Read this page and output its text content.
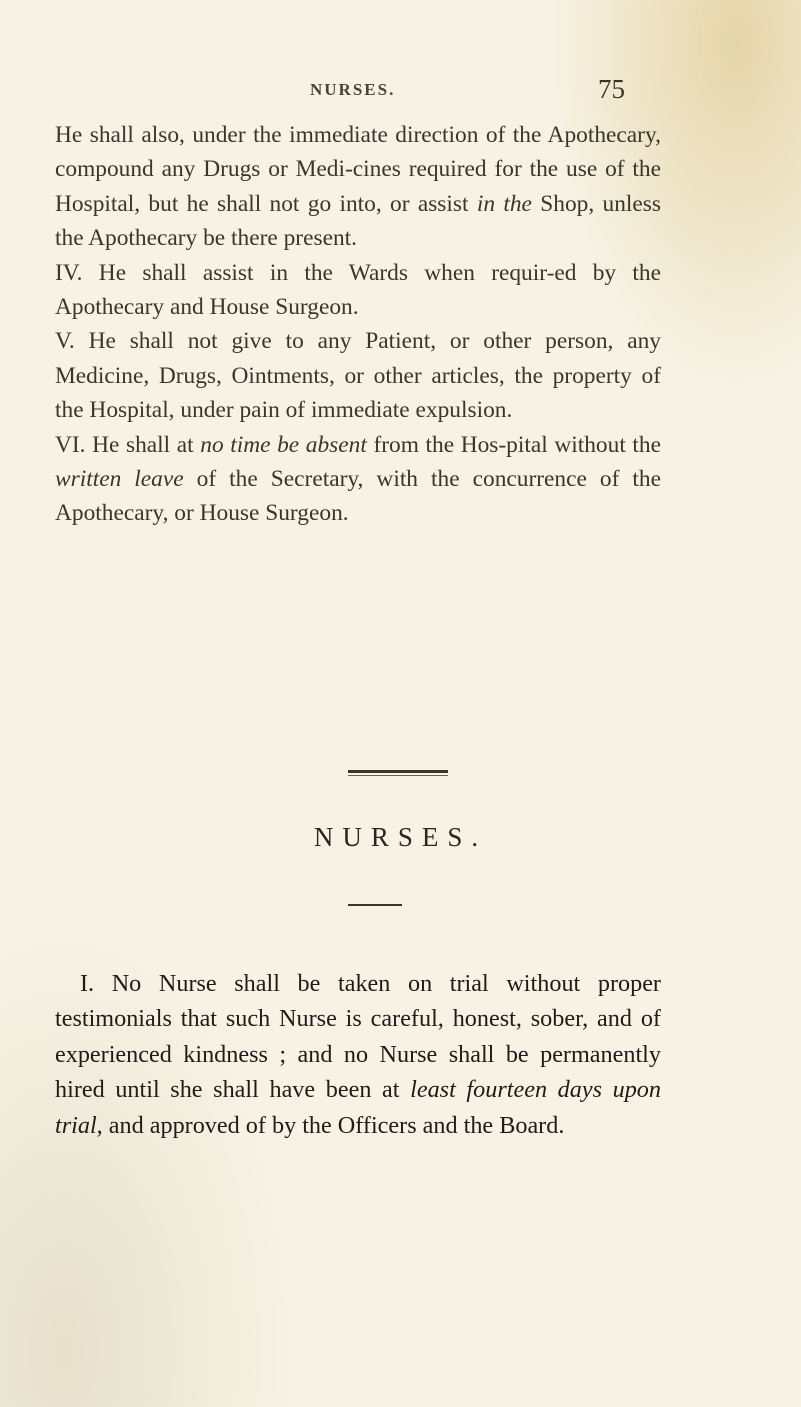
NURSES.	75

He shall also, under the immediate direction of the Apothecary, compound any Drugs or Medi-cines required for the use of the Hospital, but he shall not go into, or assist in the Shop, unless the Apothecary be there present.

IV. He shall assist in the Wards when requir-ed by the Apothecary and House Surgeon.

V. He shall not give to any Patient, or other person, any Medicine, Drugs, Ointments, or other articles, the property of the Hospital, under pain of immediate expulsion.

VI. He shall at no time be absent from the Hos-pital without the written leave of the Secretary, with the concurrence of the Apothecary, or House Surgeon.

NURSES.

I. No Nurse shall be taken on trial without proper testimonials that such Nurse is careful, honest, sober, and of experienced kindness ; and no Nurse shall be permanently hired until she shall have been at least fourteen days upon trial, and approved of by the Officers and the Board.
